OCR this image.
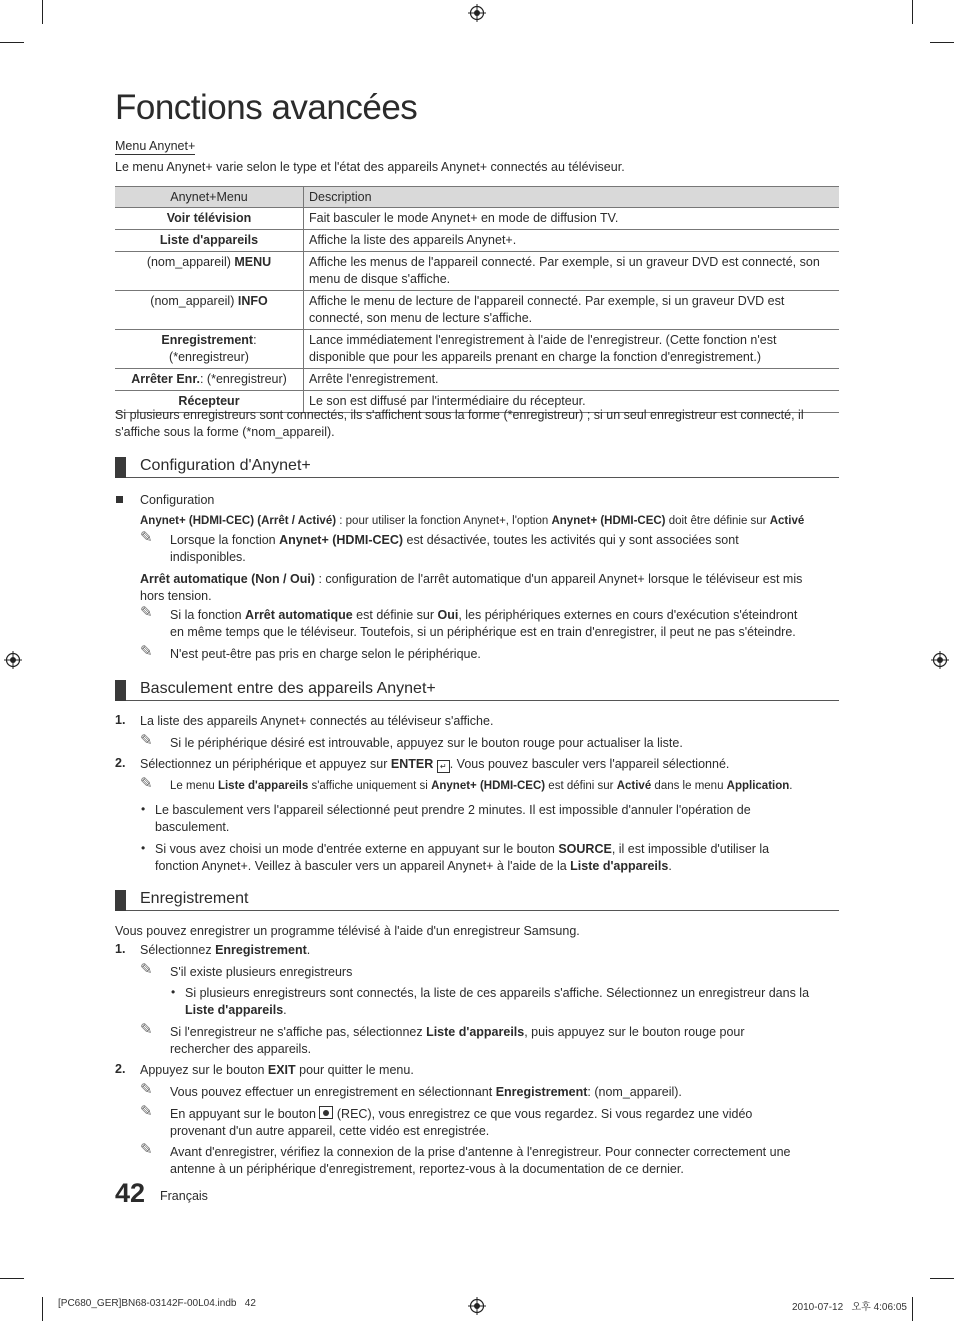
Fonctions avancées
Menu Anynet+
Le menu Anynet+ varie selon le type et l'état des appareils Anynet+ connectés au téléviseur.
Anynet+Menu	Description
Voir télévision	Fait basculer le mode Anynet+ en mode de diffusion TV.
Liste d'appareils	Affiche la liste des appareils Anynet+.
(nom_appareil) MENU	Affiche les menus de l'appareil connecté. Par exemple, si un graveur DVD est connecté, son menu de disque s'affiche.
(nom_appareil) INFO	Affiche le menu de lecture de l'appareil connecté. Par exemple, si un graveur DVD est connecté, son menu de lecture s'affiche.
Enregistrement: (*enregistreur)	Lance immédiatement l'enregistrement à l'aide de l'enregistreur. (Cette fonction n'est disponible que pour les appareils prenant en charge la fonction d'enregistrement.)
Arrêter Enr.: (*enregistreur)	Arrête l'enregistrement.
Récepteur	Le son est diffusé par l'intermédiaire du récepteur.
Si plusieurs enregistreurs sont connectés, ils s'affichent sous la forme (*enregistreur) ; si un seul enregistreur est connecté, il
s'affiche sous la forme (*nom_appareil).
Configuration d'Anynet+
Configuration
Anynet+ (HDMI-CEC) (Arrêt / Activé) : pour utiliser la fonction Anynet+, l'option Anynet+ (HDMI-CEC) doit être définie sur Activé
✎ Lorsque la fonction Anynet+ (HDMI-CEC) est désactivée, toutes les activités qui y sont associées sont
indisponibles.
Arrêt automatique (Non / Oui) : configuration de l'arrêt automatique d'un appareil Anynet+ lorsque le téléviseur est mis
hors tension.
✎ Si la fonction Arrêt automatique est définie sur Oui, les périphériques externes en cours d'exécution s'éteindront
en même temps que le téléviseur. Toutefois, si un périphérique est en train d'enregistrer, il peut ne pas s'éteindre.
✎ N'est peut-être pas pris en charge selon le périphérique.
Basculement entre des appareils Anynet+
1. La liste des appareils Anynet+ connectés au téléviseur s'affiche.
✎ Si le périphérique désiré est introuvable, appuyez sur le bouton rouge pour actualiser la liste.
2. Sélectionnez un périphérique et appuyez sur ENTER ↵ . Vous pouvez basculer vers l'appareil sélectionné.
✎ Le menu Liste d'appareils s'affiche uniquement si Anynet+ (HDMI-CEC) est défini sur Activé dans le menu Application.
• Le basculement vers l'appareil sélectionné peut prendre 2 minutes. Il est impossible d'annuler l'opération de
basculement.
• Si vous avez choisi un mode d'entrée externe en appuyant sur le bouton SOURCE, il est impossible d'utiliser la
fonction Anynet+. Veillez à basculer vers un appareil Anynet+ à l'aide de la Liste d'appareils.
Enregistrement
Vous pouvez enregistrer un programme télévisé à l'aide d'un enregistreur Samsung.
1. Sélectionnez Enregistrement.
✎ S'il existe plusieurs enregistreurs
• Si plusieurs enregistreurs sont connectés, la liste de ces appareils s'affiche. Sélectionnez un enregistreur dans la
Liste d'appareils.
✎ Si l'enregistreur ne s'affiche pas, sélectionnez Liste d'appareils, puis appuyez sur le bouton rouge pour
rechercher des appareils.
2. Appuyez sur le bouton EXIT pour quitter le menu.
✎ Vous pouvez effectuer un enregistrement en sélectionnant Enregistrement: (nom_appareil).
✎ En appuyant sur le bouton  (REC), vous enregistrez ce que vous regardez. Si vous regardez une vidéo
provenant d'un autre appareil, cette vidéo est enregistrée.
✎ Avant d'enregistrer, vérifiez la connexion de la prise d'antenne à l'enregistreur. Pour connecter correctement une
antenne à un périphérique d'enregistrement, reportez-vous à la documentation de ce dernier.
42 Français
[PC680_GER]BN68-03142F-00L04.indb   42	2010-07-12   오후 4:06:05
